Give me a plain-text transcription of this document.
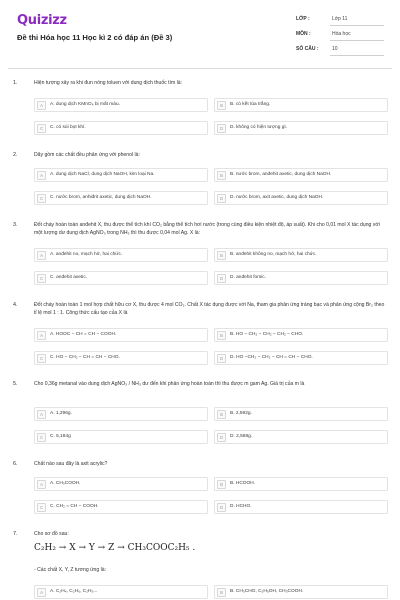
Quizizz
Đề thi Hóa học 11 Học kì 2 có đáp án (Đề 3)
LỚP :	Lớp 11
MÔN :	Hóa học
SỐ CÂU :	10
1.	Hiện tượng xảy ra khi đun nóng toluen với dung dịch thuốc tím là:
A	A. dung dịch KMnO₄ bị mất màu.	B	B. có kết tủa trắng.
C	C. có sủi bọt khí.	D	D. không có hiện tượng gì.
2.	Dãy gồm các chất đều phản ứng với phenol là:
A	A. dung dịch NaCl, dung dịch NaOH, kim loại Na.	B	B. nước brom, anđehit axetic, dung dịch NaOH.
C	C. nước brom, anhiđrit axetic, dung dịch NaOH.	D	D. nước brom, axit axetic, dung dịch NaOH.
3.	Đốt cháy hoàn toàn anđehit X, thu được thể tích khí CO₂ bằng thể tích hơi nước (trong cùng điều kiện nhiệt độ, áp suất). Khi cho 0,01 mol X tác dụng với một lượng dư dung dịch AgNO₃ trong NH₃ thì thu được 0,04 mol Ag. X là:
A	A. anđehit no, mạch hở, hai chức.	B	B. anđehit không no, mạch hở, hai chức.
C	C. anđehit axetic.	D	D. anđehit fomic.
4.	Đốt cháy hoàn toàn 1 mol hợp chất hữu cơ X, thu được 4 mol CO₂. Chất X tác dụng được với Na, tham gia phản ứng tráng bạc và phản ứng cộng Br₂ theo tỉ lệ mol 1 : 1. Công thức cấu tạo của X là
A	A. HOOC − CH = CH − COOH.	B	B. HO − CH₂ − CH₂ − CH₂ − CHO.
C	C. HO − CH₂ − CH = CH − CHO.	D	D. HO −CH₂ − CH₂ − CH = CH − CHO.
5.	Cho 0,36g metanal vào dung dịch AgNO₃ / NH₃ dư đến khi phản ứng hoàn toàn thì thu được m gam Ag. Giá trị của m là
A	A. 1,296g.	B	B. 2,592g.
C	C. 5,184g	D	D. 2,568g.
6.	Chất nào sau đây là axit acrylic?
A	A. CH₃COOH.	B	B. HCOOH.
C	C. CH₂ = CH − COOH.	D	D. HCHO.
7.	Cho sơ đồ sau:
C₂H₂ → X → Y → Z → CH₃COOC₂H₅ .
- Các chất X, Y, Z tương ứng là:
A	A. C₂H₄, C₂H₆, C₂H₅...	B	B. CH₃CHO, C₂H₅OH, CH₃COOH.
